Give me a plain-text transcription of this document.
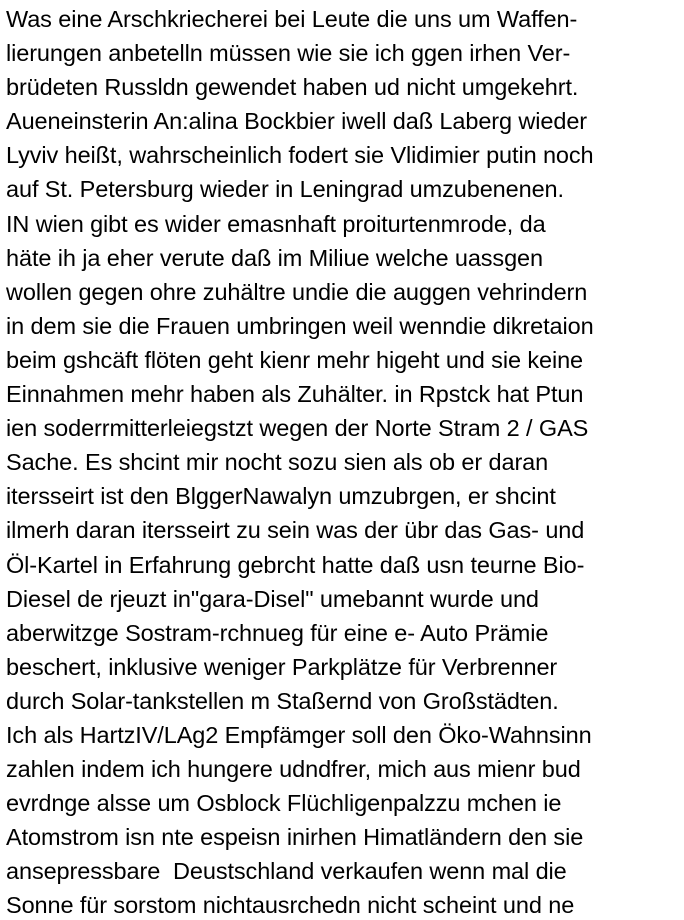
Was eine Arschkriecherei bei Leute die uns um Waffen-
lierungen anbetelln müssen wie sie ich ggen irhen Ver-
brüdeten Russldn gewendet haben ud nicht umgekehrt.
Aueneinsterin An:alina Bockbier iwell daß Laberg wieder
Lyviv heißt, wahrscheinlich fodert sie Vlidimier putin noch
auf St. Petersburg wieder in Leningrad umzubenenen.
IN wien gibt es wider emasnhaft proiturtenmrode, da
häte ih ja eher verute daß im Miliue welche uassgen
wollen gegen ohre zuhältre undie die auggen vehrindern
in dem sie die Frauen umbringen weil wenndie dikretaion
beim gshcäft flöten geht kienr mehr higeht und sie keine
Einnahmen mehr haben als Zuhälter. in Rpstck hat Ptun
ien soderrmitterleiegstzt wegen der Norte Stram 2 / GAS
Sache. Es shcint mir nocht sozu sien als ob er daran
itersseirt ist den BlggerNawalyn umzubrgen, er shcint
ilmerh daran itersseirt zu sein was der übr das Gas- und
Öl-Kartel in Erfahrung gebrcht hatte daß usn teurne Bio-
Diesel de rjeuzt in"gara-Disel" umebannt wurde und
aberwitzge Sostram-rchnueg für eine e- Auto Prämie
beschert, inklusive weniger Parkplätze für Verbrenner
durch Solar-tankstellen m Staßernd von Großstädten.
Ich als HartzIV/LAg2 Empfämger soll den Öko-Wahnsinn
zahlen indem ich hungere udndfrer, mich aus mienr bud
evrdnge alsse um Osblock Flüchligenpalzzu mchen ie
Atomstrom isn nte espeisn inirhen Himatländern den sie
ansepressbare  Deustschland verkaufen wenn mal die
Sonne für sorstom nichtausrchedn nicht scheint und ne
